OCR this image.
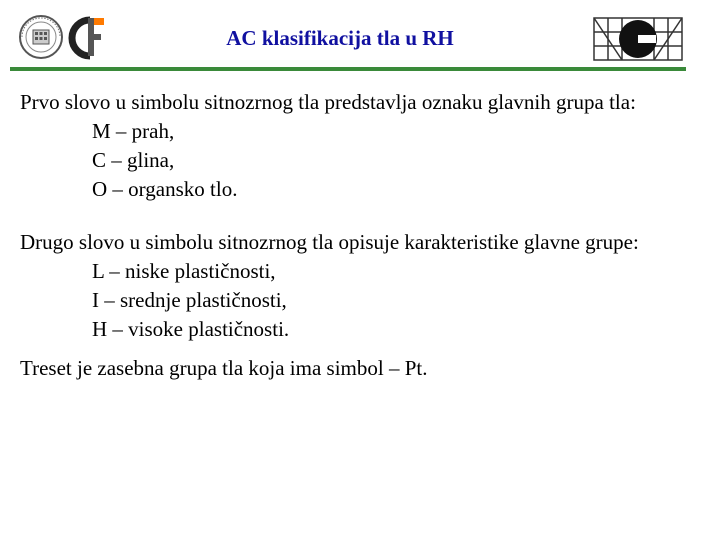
AC klasifikacija tla u RH

Prvo slovo u simbolu sitnozrnog tla predstavlja oznaku glavnih grupa tla:

M – prah,
C – glina,
O – organsko tlo.

Drugo slovo u simbolu sitnozrnog tla opisuje karakteristike glavne grupe:

L – niske plastičnosti,
I – srednje plastičnosti,
H – visoke plastičnosti.

Treset je zasebna grupa tla koja ima simbol – Pt.
